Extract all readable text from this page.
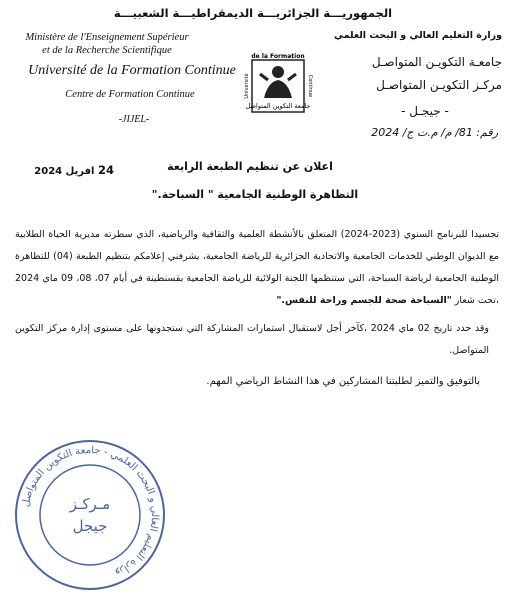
الجمهوريـــة الجزائريـــة الديمقراطيـــة الشعبيـــة
Ministère de l'Enseignement Supérieur et de la Recherche Scientifique
وزارة التعليم العالي و البحث العلمي
Université de la Formation Continue
جامعـة التكويـن المتواصـل
Centre de Formation Continue
مركـز التكويـن المتواصـل
-JIJEL-
- جيجـل -
رقم: 81/ م/ م.ت ج/ 2024
de la Formation
Université	Continue
جامعة التكوين المتواصل
24 افريل 2024	اعلان عن تنظيم الطبعة الرابعة
التظاهرة الوطنية الجامعية " السباحة."
تجسيدا للبرنامج السنوي (2023-2024) المتعلق بالأنشطة العلمية والثقافية والرياضية، الذي سطرته مديرية الحياة الطلابية مع الديوان الوطني للخدمات الجامعية والاتحادية الجزائرية للرياضة الجامعية، يشرفني إعلامكم بتنظيم الطبعة (04) للتظاهرة الوطنية الجامعية لرياضة السباحة، التي ستنظمها اللجنة الولائية للرياضة الجامعية بقسنطينة في أيام 07، 08، 09 ماي 2024 ،تحت شعار "السباحة صحة للجسم وراحة للنفس."
وقد حدد تاريخ 02 ماي 2024 ،كآخر أجل لاستقبال استمارات المشاركة التي ستجدونها على مستوى إدارة مركز التكوين المتواصل.
بالتوفيق والتميز لطلبتنا المشاركين في هذا النشاط الرياضي المهم.
وزارة التعليم العالي و البحث العلمي - جامعة التكوين المتواصل
مـركـز
جيجل
